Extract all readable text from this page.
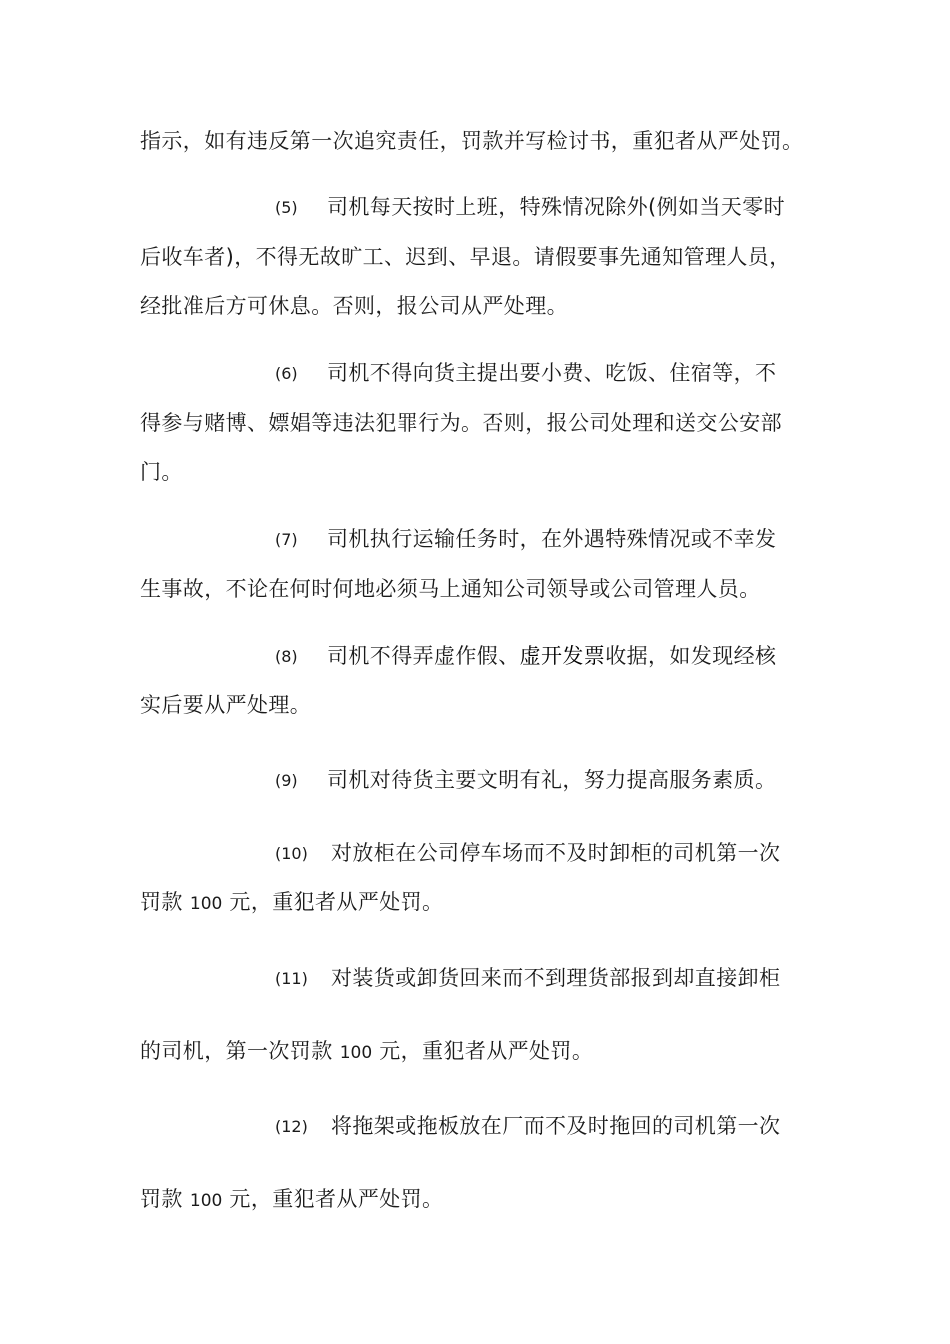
指示，如有违反第一次追究责任，罚款并写检讨书，重犯者从严处罚。
(5) 司机每天按时上班，特殊情况除外(例如当天零时
后收车者)，不得无故旷工、迟到、早退。请假要事先通知管理人员，
经批准后方可休息。否则，报公司从严处理。
(6) 司机不得向货主提出要小费、吃饭、住宿等，不
得参与赌博、嫖娼等违法犯罪行为。否则，报公司处理和送交公安部
门。
(7) 司机执行运输任务时，在外遇特殊情况或不幸发
生事故，不论在何时何地必须马上通知公司领导或公司管理人员。
(8) 司机不得弄虚作假、虚开发票收据，如发现经核
实后要从严处理。
(9) 司机对待货主要文明有礼，努力提高服务素质。
(10) 对放柜在公司停车场而不及时卸柜的司机第一次
罚款 100 元，重犯者从严处罚。
(11) 对装货或卸货回来而不到理货部报到却直接卸柜
的司机，第一次罚款 100 元，重犯者从严处罚。
(12) 将拖架或拖板放在厂而不及时拖回的司机第一次
罚款 100 元，重犯者从严处罚。
